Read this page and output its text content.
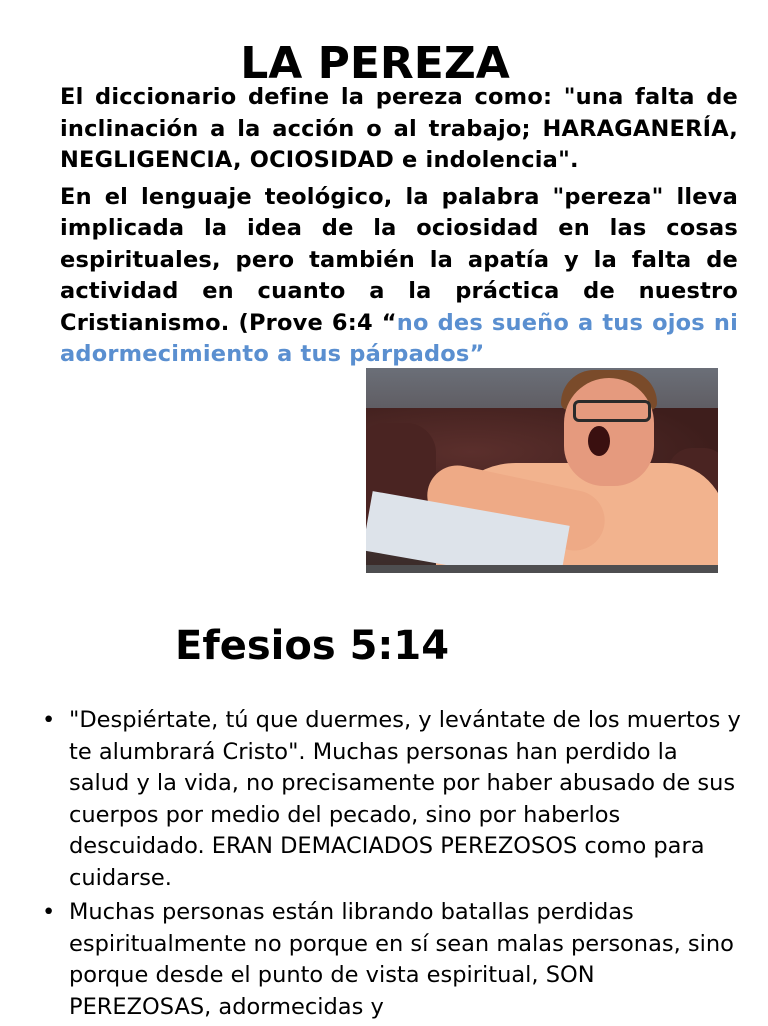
LA PEREZA

El diccionario define la pereza como: "una falta de inclinación a la acción o al trabajo; HARAGANERÍA, NEGLIGENCIA, OCIOSIDAD e indolencia".

En el lenguaje teológico, la palabra "pereza" lleva implicada la idea de la ociosidad en las cosas espirituales, pero también la apatía y la falta de actividad en cuanto a la práctica de nuestro Cristianismo. (Prove 6:4 “no des sueño a tus ojos ni adormecimiento a tus párpados”

Efesios 5:14
• "Despiértate, tú que duermes, y levántate de los muertos y te alumbrará Cristo". Muchas personas han perdido la salud y la vida, no precisamente por haber abusado de sus cuerpos por medio del pecado, sino por haberlos descuidado. ERAN DEMACIADOS PEREZOSOS como para cuidarse.
• Muchas personas están librando batallas perdidas espiritualmente no porque en sí sean malas personas, sino porque desde el punto de vista espiritual, SON PEREZOSAS, adormecidas y
